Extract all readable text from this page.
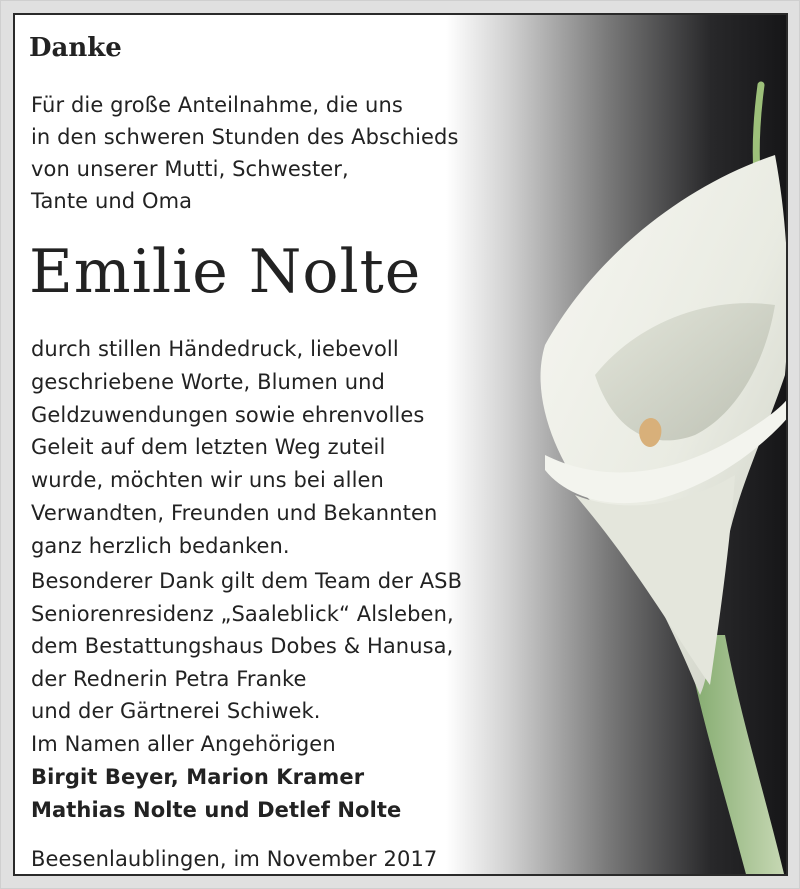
Danke
Für die große Anteilnahme, die uns
in den schweren Stunden des Abschieds
von unserer Mutti, Schwester,
Tante und Oma
Emilie Nolte
durch stillen Händedruck, liebevoll
geschriebene Worte, Blumen und
Geldzuwendungen sowie ehrenvolles
Geleit auf dem letzten Weg zuteil
wurde, möchten wir uns bei allen
Verwandten, Freunden und Bekannten
ganz herzlich bedanken.
Besonderer Dank gilt dem Team der ASB
Seniorenresidenz „Saaleblick“ Alsleben,
dem Bestattungshaus Dobes & Hanusa,
der Rednerin Petra Franke
und der Gärtnerei Schiwek.
Im Namen aller Angehörigen
Birgit Beyer, Marion Kramer
Mathias Nolte und Detlef Nolte
Beesenlaublingen, im November 2017
